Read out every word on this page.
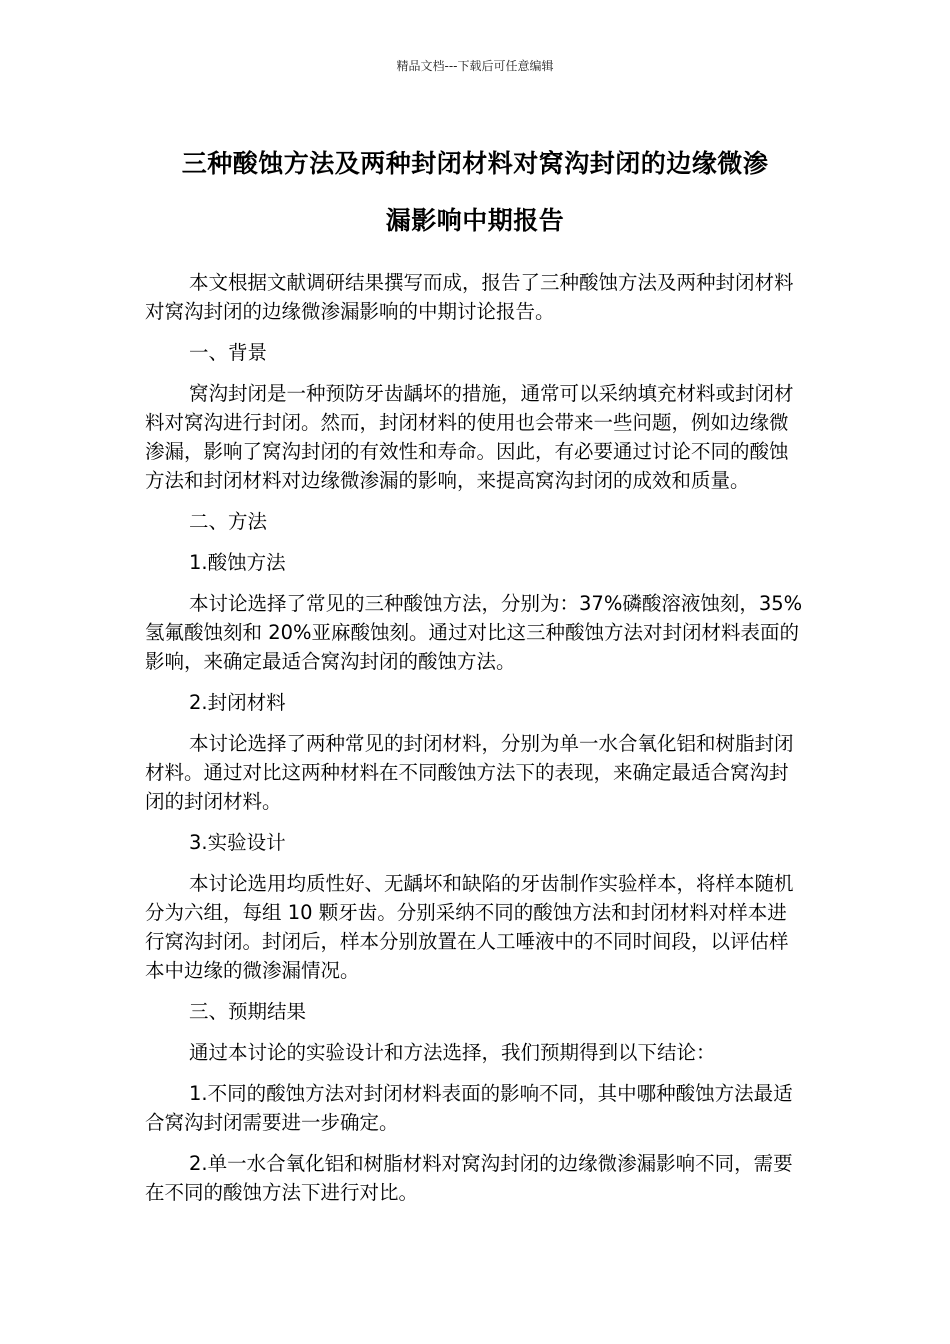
精品文档---下载后可任意编辑
三种酸蚀方法及两种封闭材料对窝沟封闭的边缘微渗
漏影响中期报告

本文根据文献调研结果撰写而成，报告了三种酸蚀方法及两种封闭材料对窝沟封闭的边缘微渗漏影响的中期讨论报告。

一、背景

窝沟封闭是一种预防牙齿龋坏的措施，通常可以采纳填充材料或封闭材料对窝沟进行封闭。然而，封闭材料的使用也会带来一些问题，例如边缘微渗漏，影响了窝沟封闭的有效性和寿命。因此，有必要通过讨论不同的酸蚀方法和封闭材料对边缘微渗漏的影响，来提高窝沟封闭的成效和质量。

二、方法

1.酸蚀方法

本讨论选择了常见的三种酸蚀方法，分别为：37%磷酸溶液蚀刻，35%氢氟酸蚀刻和 20%亚麻酸蚀刻。通过对比这三种酸蚀方法对封闭材料表面的影响，来确定最适合窝沟封闭的酸蚀方法。

2.封闭材料

本讨论选择了两种常见的封闭材料，分别为单一水合氧化铝和树脂封闭材料。通过对比这两种材料在不同酸蚀方法下的表现，来确定最适合窝沟封闭的封闭材料。

3.实验设计

本讨论选用均质性好、无龋坏和缺陷的牙齿制作实验样本，将样本随机分为六组，每组 10 颗牙齿。分别采纳不同的酸蚀方法和封闭材料对样本进行窝沟封闭。封闭后，样本分别放置在人工唾液中的不同时间段，以评估样本中边缘的微渗漏情况。

三、预期结果

通过本讨论的实验设计和方法选择，我们预期得到以下结论：

1.不同的酸蚀方法对封闭材料表面的影响不同，其中哪种酸蚀方法最适合窝沟封闭需要进一步确定。

2.单一水合氧化铝和树脂材料对窝沟封闭的边缘微渗漏影响不同，需要在不同的酸蚀方法下进行对比。
